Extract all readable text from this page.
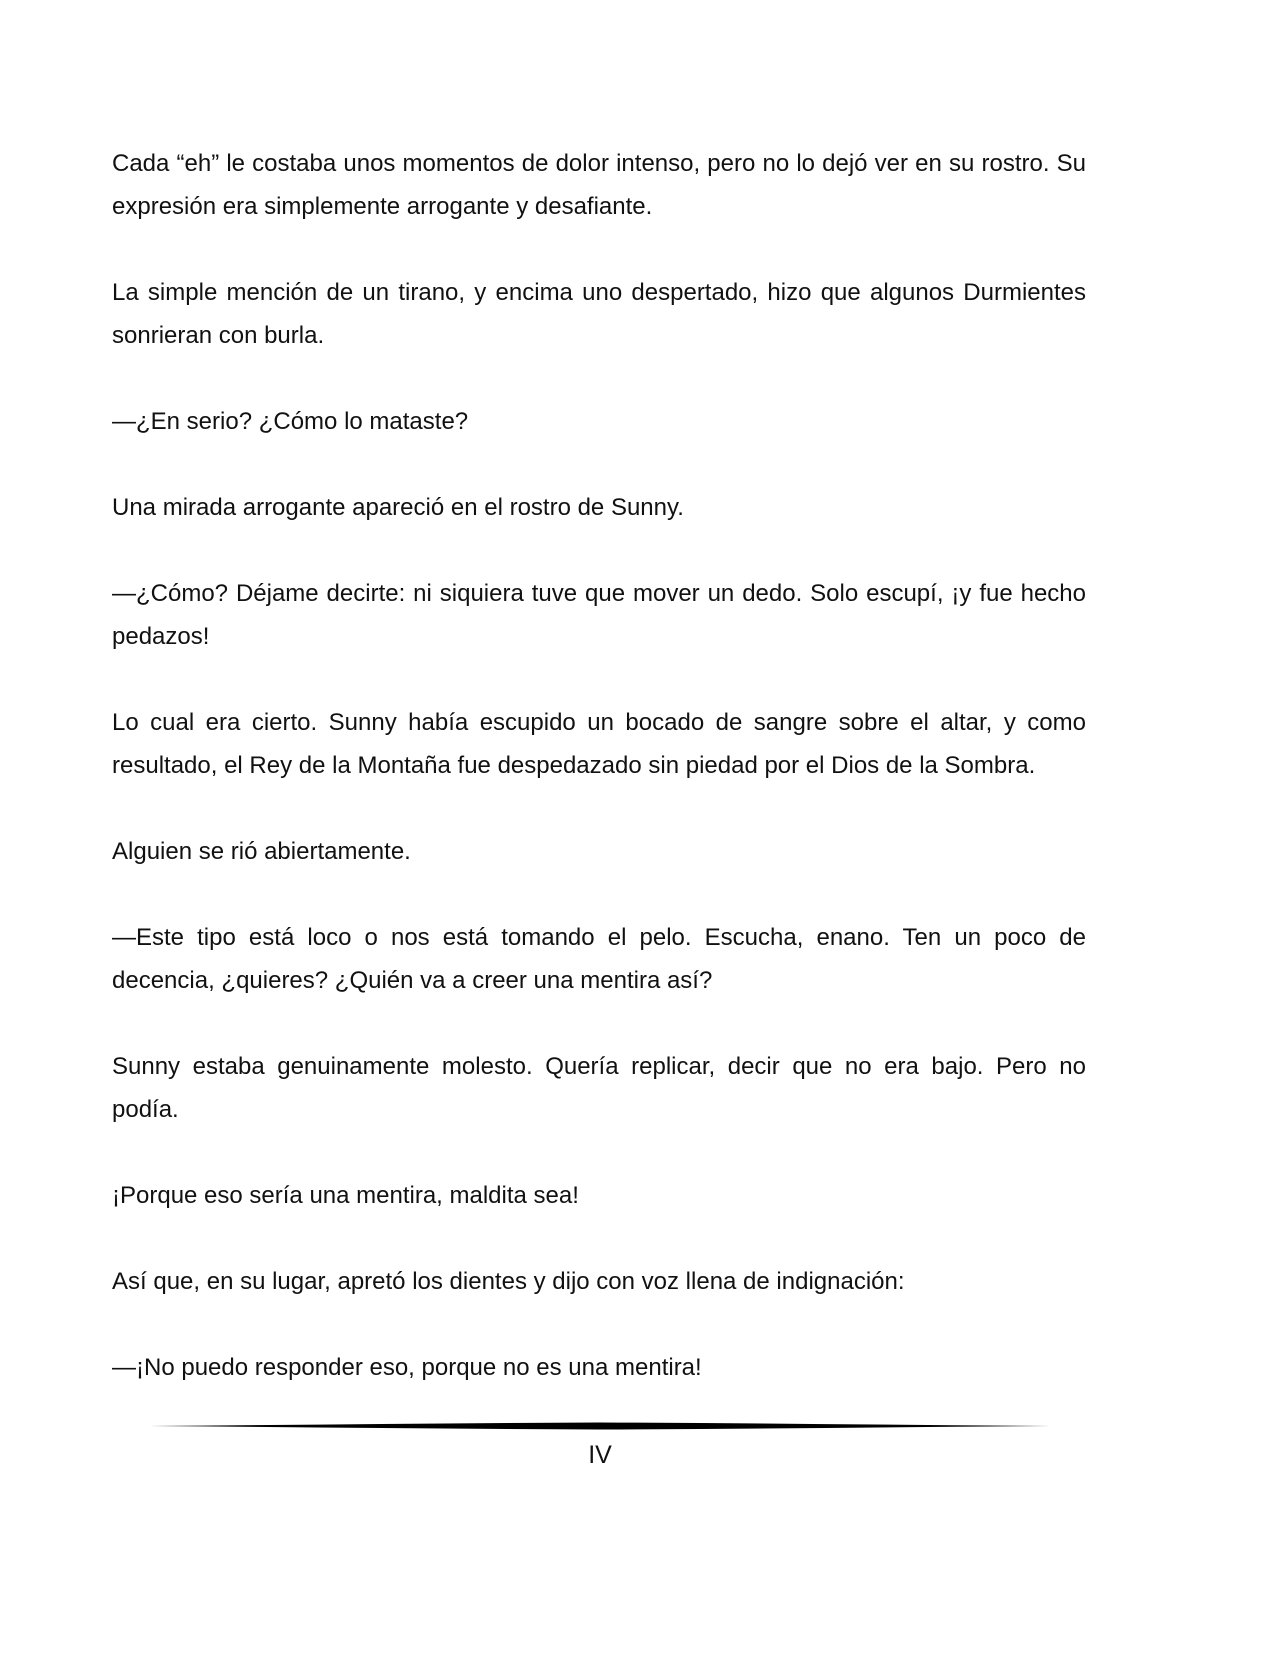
Cada “eh” le costaba unos momentos de dolor intenso, pero no lo dejó ver en su rostro. Su expresión era simplemente arrogante y desafiante.

La simple mención de un tirano, y encima uno despertado, hizo que algunos Durmientes sonrieran con burla.

—¿En serio? ¿Cómo lo mataste?

Una mirada arrogante apareció en el rostro de Sunny.

—¿Cómo? Déjame decirte: ni siquiera tuve que mover un dedo. Solo escupí, ¡y fue hecho pedazos!

Lo cual era cierto. Sunny había escupido un bocado de sangre sobre el altar, y como resultado, el Rey de la Montaña fue despedazado sin piedad por el Dios de la Sombra.

Alguien se rió abiertamente.

—Este tipo está loco o nos está tomando el pelo. Escucha, enano. Ten un poco de decencia, ¿quieres? ¿Quién va a creer una mentira así?

Sunny estaba genuinamente molesto. Quería replicar, decir que no era bajo. Pero no podía.

¡Porque eso sería una mentira, maldita sea!

Así que, en su lugar, apretó los dientes y dijo con voz llena de indignación:

—¡No puedo responder eso, porque no es una mentira!

IV
